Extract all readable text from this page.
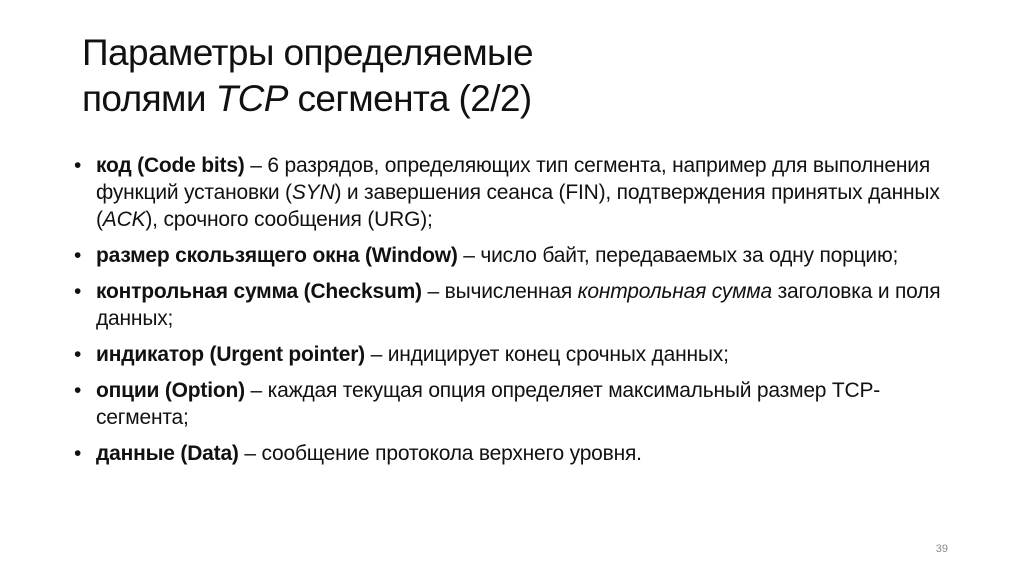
Параметры определяемые
полями TCP сегмента (2/2)
• код (Code bits) – 6 разрядов, определяющих тип сегмента, например для выполнения функций установки (SYN) и завершения сеанса (FIN), подтверждения принятых данных (ACK), срочного сообщения (URG);
• размер скользящего окна (Window) – число байт, передаваемых за одну порцию;
• контрольная сумма (Checksum) – вычисленная контрольная сумма заголовка и поля данных;
• индикатор (Urgent pointer) – индицирует конец срочных данных;
• опции (Option) – каждая текущая опция определяет максимальный размер TCP-сегмента;
• данные (Data) – сообщение протокола верхнего уровня.
39
